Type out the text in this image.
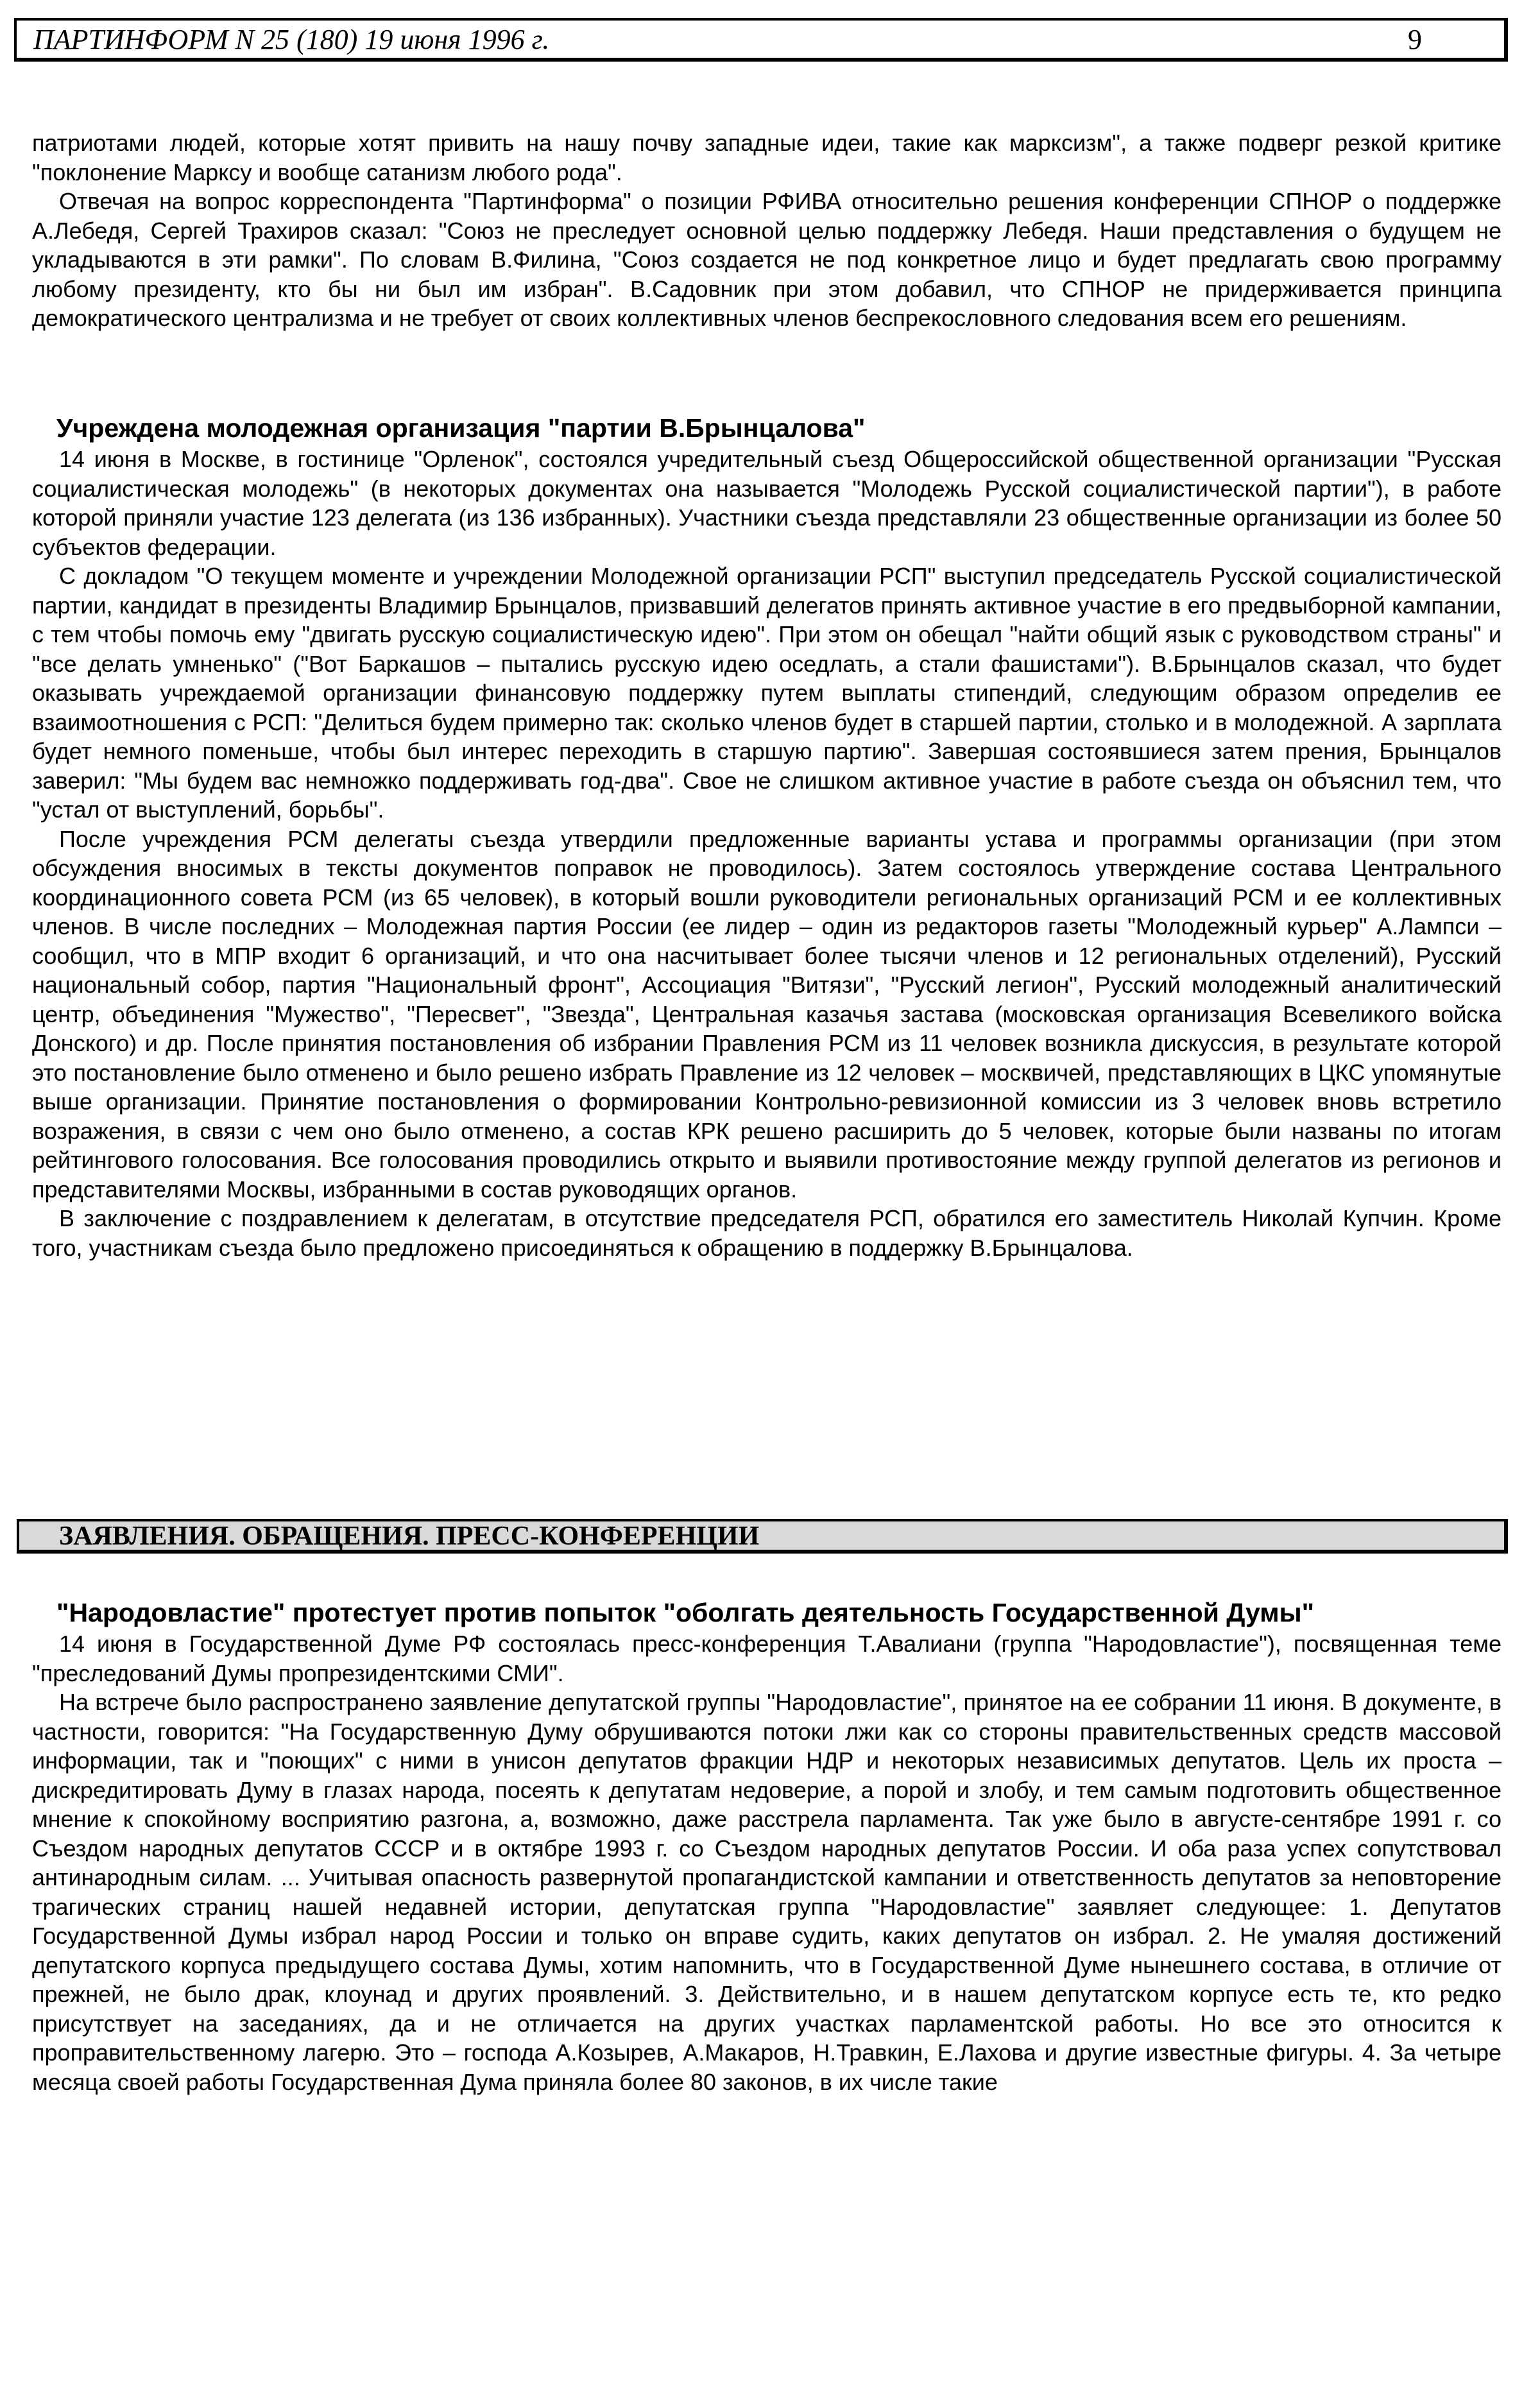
ПАРТИНФОРМ N 25 (180) 19 июня 1996 г.	9

патриотами людей, которые хотят привить на нашу почву западные идеи, такие как марксизм", а также подверг резкой критике "поклонение Марксу и вообще сатанизм любого рода".

Отвечая на вопрос корреспондента "Партинформа" о позиции РФИВА относительно решения конференции СПНОР о поддержке А.Лебедя, Сергей Трахиров сказал: "Союз не преследует основной целью поддержку Лебедя. Наши представления о будущем не укладываются в эти рамки". По словам В.Филина, "Союз создается не под конкретное лицо и будет предлагать свою программу любому президенту, кто бы ни был им избран". В.Садовник при этом добавил, что СПНОР не придерживается принципа демократического централизма и не требует от своих коллективных членов беспрекословного следования всем его решениям.

Учреждена молодежная организация "партии В.Брынцалова"

14 июня в Москве, в гостинице "Орленок", состоялся учредительный съезд Общероссийской общественной организации "Русская социалистическая молодежь" (в некоторых документах она называется "Молодежь Русской социалистической партии"), в работе которой приняли участие 123 делегата (из 136 избранных). Участники съезда представляли 23 общественные организации из более 50 субъектов федерации.

С докладом "О текущем моменте и учреждении Молодежной организации РСП" выступил председатель Русской социалистической партии, кандидат в президенты Владимир Брынцалов, призвавший делегатов принять активное участие в его предвыборной кампании, с тем чтобы помочь ему "двигать русскую социалистическую идею". При этом он обещал "найти общий язык с руководством страны" и "все делать умненько" ("Вот Баркашов – пытались русскую идею оседлать, а стали фашистами"). В.Брынцалов сказал, что будет оказывать учреждаемой организации финансовую поддержку путем выплаты стипендий, следующим образом определив ее взаимоотношения с РСП: "Делиться будем примерно так: сколько членов будет в старшей партии, столько и в молодежной. А зарплата будет немного поменьше, чтобы был интерес переходить в старшую партию". Завершая состоявшиеся затем прения, Брынцалов заверил: "Мы будем вас немножко поддерживать год-два". Свое не слишком активное участие в работе съезда он объяснил тем, что "устал от выступлений, борьбы".

После учреждения РСМ делегаты съезда утвердили предложенные варианты устава и программы организации (при этом обсуждения вносимых в тексты документов поправок не проводилось). Затем состоялось утверждение состава Центрального координационного совета РСМ (из 65 человек), в который вошли руководители региональных организаций РСМ и ее коллективных членов. В числе последних – Молодежная партия России (ее лидер – один из редакторов газеты "Молодежный курьер" А.Лампси – сообщил, что в МПР входит 6 организаций, и что она насчитывает более тысячи членов и 12 региональных отделений), Русский национальный собор, партия "Национальный фронт", Ассоциация "Витязи", "Русский легион", Русский молодежный аналитический центр, объединения "Мужество", "Пересвет", "Звезда", Центральная казачья застава (московская организация Всевеликого войска Донского) и др. После принятия постановления об избрании Правления РСМ из 11 человек возникла дискуссия, в результате которой это постановление было отменено и было решено избрать Правление из 12 человек – москвичей, представляющих в ЦКС упомянутые выше организации. Принятие постановления о формировании Контрольно-ревизионной комиссии из 3 человек вновь встретило возражения, в связи с чем оно было отменено, а состав КРК решено расширить до 5 человек, которые были названы по итогам рейтингового голосования. Все голосования проводились открыто и выявили противостояние между группой делегатов из регионов и представителями Москвы, избранными в состав руководящих органов.

В заключение с поздравлением к делегатам, в отсутствие председателя РСП, обратился его заместитель Николай Купчин. Кроме того, участникам съезда было предложено присоединяться к обращению в поддержку В.Брынцалова.

ЗАЯВЛЕНИЯ. ОБРАЩЕНИЯ. ПРЕСС-КОНФЕРЕНЦИИ
"Народовластие" протестует против попыток "оболгать деятельность Государственной Думы"

14 июня в Государственной Думе РФ состоялась пресс-конференция Т.Авалиани (группа "Народовластие"), посвященная теме "преследований Думы пропрезидентскими СМИ".

На встрече было распространено заявление депутатской группы "Народовластие", принятое на ее собрании 11 июня. В документе, в частности, говорится: "На Государственную Думу обрушиваются потоки лжи как со стороны правительственных средств массовой информации, так и "поющих" с ними в унисон депутатов фракции НДР и некоторых независимых депутатов. Цель их проста – дискредитировать Думу в глазах народа, посеять к депутатам недоверие, а порой и злобу, и тем самым подготовить общественное мнение к спокойному восприятию разгона, а, возможно, даже расстрела парламента. Так уже было в августе-сентябре 1991 г. со Съездом народных депутатов СССР и в октябре 1993 г. со Съездом народных депутатов России. И оба раза успех сопутствовал антинародным силам. ... Учитывая опасность развернутой пропагандистской кампании и ответственность депутатов за неповторение трагических страниц нашей недавней истории, депутатская группа "Народовластие" заявляет следующее: 1. Депутатов Государственной Думы избрал народ России и только он вправе судить, каких депутатов он избрал. 2. Не умаляя достижений депутатского корпуса предыдущего состава Думы, хотим напомнить, что в Государственной Думе нынешнего состава, в отличие от прежней, не было драк, клоунад и других проявлений. 3. Действительно, и в нашем депутатском корпусе есть те, кто редко присутствует на заседаниях, да и не отличается на других участках парламентской работы. Но все это относится к проправительственному лагерю. Это – господа А.Козырев, А.Макаров, Н.Травкин, Е.Лахова и другие известные фигуры. 4. За четыре месяца своей работы Государственная Дума приняла более 80 законов, в их числе такие
